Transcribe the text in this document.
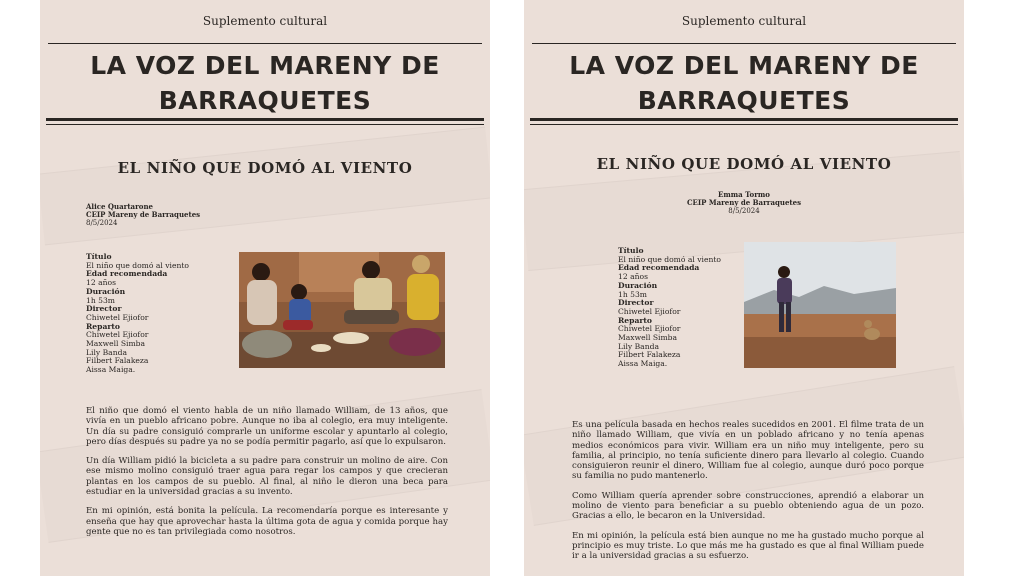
Suplemento cultural
LA VOZ DEL MARENY DE
BARRAQUETES
EL NIÑO QUE DOMÓ AL VIENTO
Alice Quartarone
CEIP Mareny de Barraquetes
8/5/2024
Título
El niño que domó al viento
Edad recomendada
12 años
Duración
1h 53m
Director
Chiwetel Ejiofor
Reparto
Chiwetel Ejiofor
Maxwell Simba
Lily Banda
Filbert Falakeza
Aissa Maiga.

El niño que domó el viento habla de un niño llamado William, de 13 años, que vivía en un pueblo africano pobre. Aunque no iba al colegio, era muy inteligente. Un día su padre consiguió comprarle un uniforme escolar y apuntarlo al colegio, pero días después su padre ya no se podía permitir pagarlo, así que lo expulsaron.

Un día William pidió la bicicleta a su padre para construir un molino de aire. Con ese mismo molino consiguió traer agua para regar los campos y que crecieran plantas en los campos de su pueblo. Al final, al niño le dieron una beca para estudiar en la universidad gracias a su invento.

En mi opinión, está bonita la película. La recomendaría porque es interesante y enseña que hay que aprovechar hasta la última gota de agua y comida porque hay gente que no es tan privilegiada como nosotros.

Suplemento cultural
LA VOZ DEL MARENY DE
BARRAQUETES
EL NIÑO QUE DOMÓ AL VIENTO
Emma Tormo
CEIP Mareny de Barraquetes
8/5/2024
Título
El niño que domó al viento
Edad recomendada
12 años
Duración
1h 53m
Director
Chiwetel Ejiofor
Reparto
Chiwetel Ejiofor
Maxwell Simba
Lily Banda
Filbert Falakeza
Aissa Maiga.

Es una película basada en hechos reales sucedidos en 2001. El filme trata de un niño llamado William, que vivía en un poblado africano y no tenía apenas medios económicos para vivir. William era un niño muy inteligente, pero su familia, al principio, no tenía suficiente dinero para llevarlo al colegio. Cuando consiguieron reunir el dinero, William fue al colegio, aunque duró poco porque su familia no pudo mantenerlo.

Como William quería aprender sobre construcciones, aprendió a elaborar un molino de viento para beneficiar a su pueblo obteniendo agua de un pozo. Gracias a ello, le becaron en la Universidad.

En mi opinión, la película está bien aunque no me ha gustado mucho porque al principio es muy triste. Lo que más me ha gustado es que al final William puede ir a la universidad gracias a su esfuerzo.
